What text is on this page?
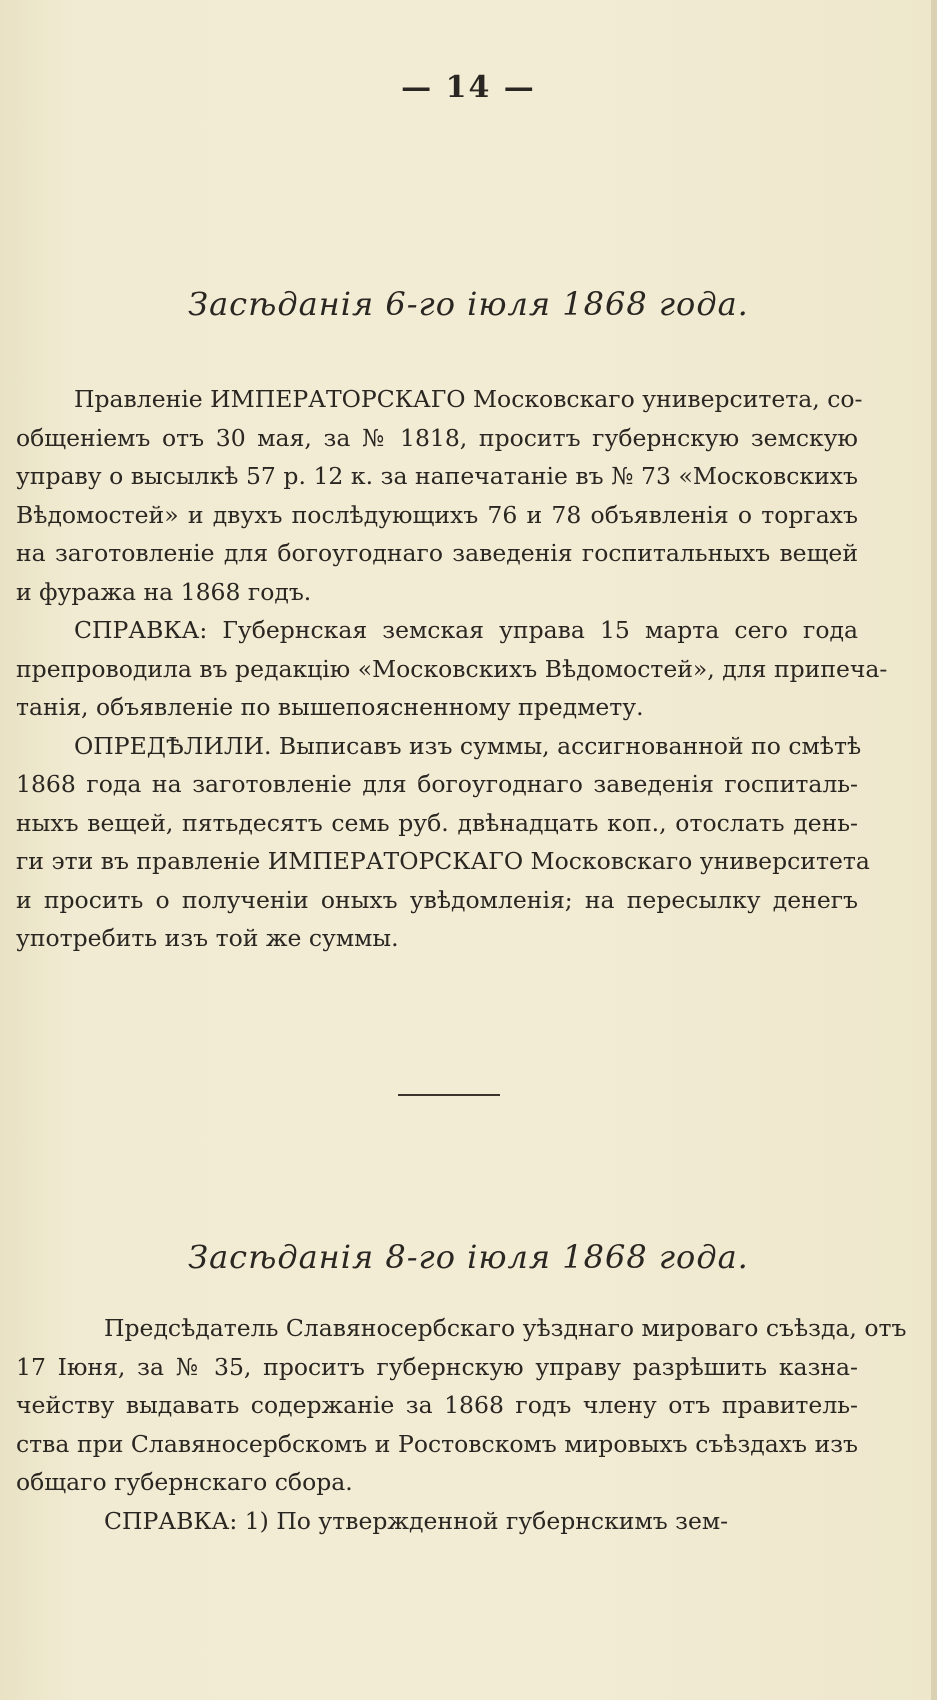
— 14 —
Засѣданія 6-го іюля 1868 года.
Правленіе ИМПЕРАТОРСКАГО Московскаго университета, со-
общеніемъ отъ 30 мая, за № 1818, проситъ губернскую земскую
управу о высылкѣ 57 р. 12 к. за напечатаніе въ № 73 «Московскихъ
Вѣдомостей» и двухъ послѣдующихъ 76 и 78 объявленія о торгахъ
на заготовленіе для богоугоднаго заведенія госпитальныхъ вещей
и фуража на 1868 годъ.
СПРАВКА: Губернская земская управа 15 марта сего года
препроводила въ редакцію «Московскихъ Вѣдомостей», для припеча-
танія, объявленіе по вышепоясненному предмету.
ОПРЕДѢЛИЛИ. Выписавъ изъ суммы, ассигнованной по смѣтѣ
1868 года на заготовленіе для богоугоднаго заведенія госпиталь-
ныхъ вещей, пятьдесятъ семь руб. двѣнадцать коп., отослать день-
ги эти въ правленіе ИМПЕРАТОРСКАГО Московскаго университета
и просить о полученіи оныхъ увѣдомленія; на пересылку денегъ
употребить изъ той же суммы.
Засѣданія 8-го іюля 1868 года.
Предсѣдатель Славяносербскаго уѣзднаго мироваго съѣзда, отъ
17 Іюня, за № 35, проситъ губернскую управу разрѣшить казна-
чейству выдавать содержаніе за 1868 годъ члену отъ правитель-
ства при Славяносербскомъ и Ростовскомъ мировыхъ съѣздахъ изъ
общаго губернскаго сбора.
СПРАВКА: 1) По утвержденной губернскимъ зем-
